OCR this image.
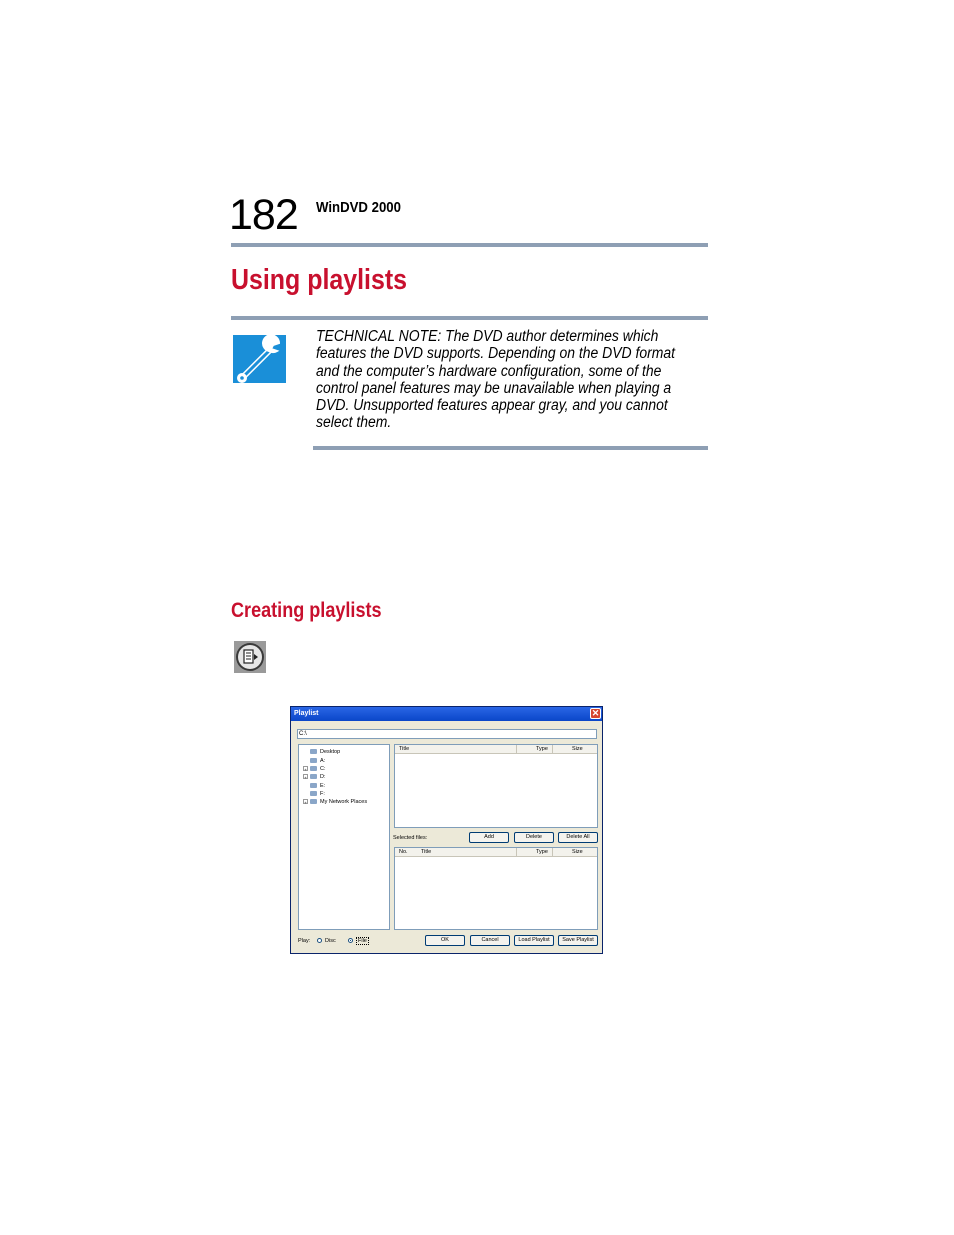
182 WinDVD 2000
Using playlists
TECHNICAL NOTE: The DVD author determines which
features the DVD supports. Depending on the DVD format
and the computer’s hardware configuration, some of the
control panel features may be unavailable when playing a
DVD. Unsupported features appear gray, and you cannot
select them.
Creating playlists
Playlist	✕
C:\
Desktop
A:
+ C:
+ D:
E:
F:
+ My Network Places
Title	Type	Size
Selected files:	Add	Delete	Delete All
No. Title	Type	Size
Play:	Disc	File	OK	Cancel	Load Playlist	Save Playlist
